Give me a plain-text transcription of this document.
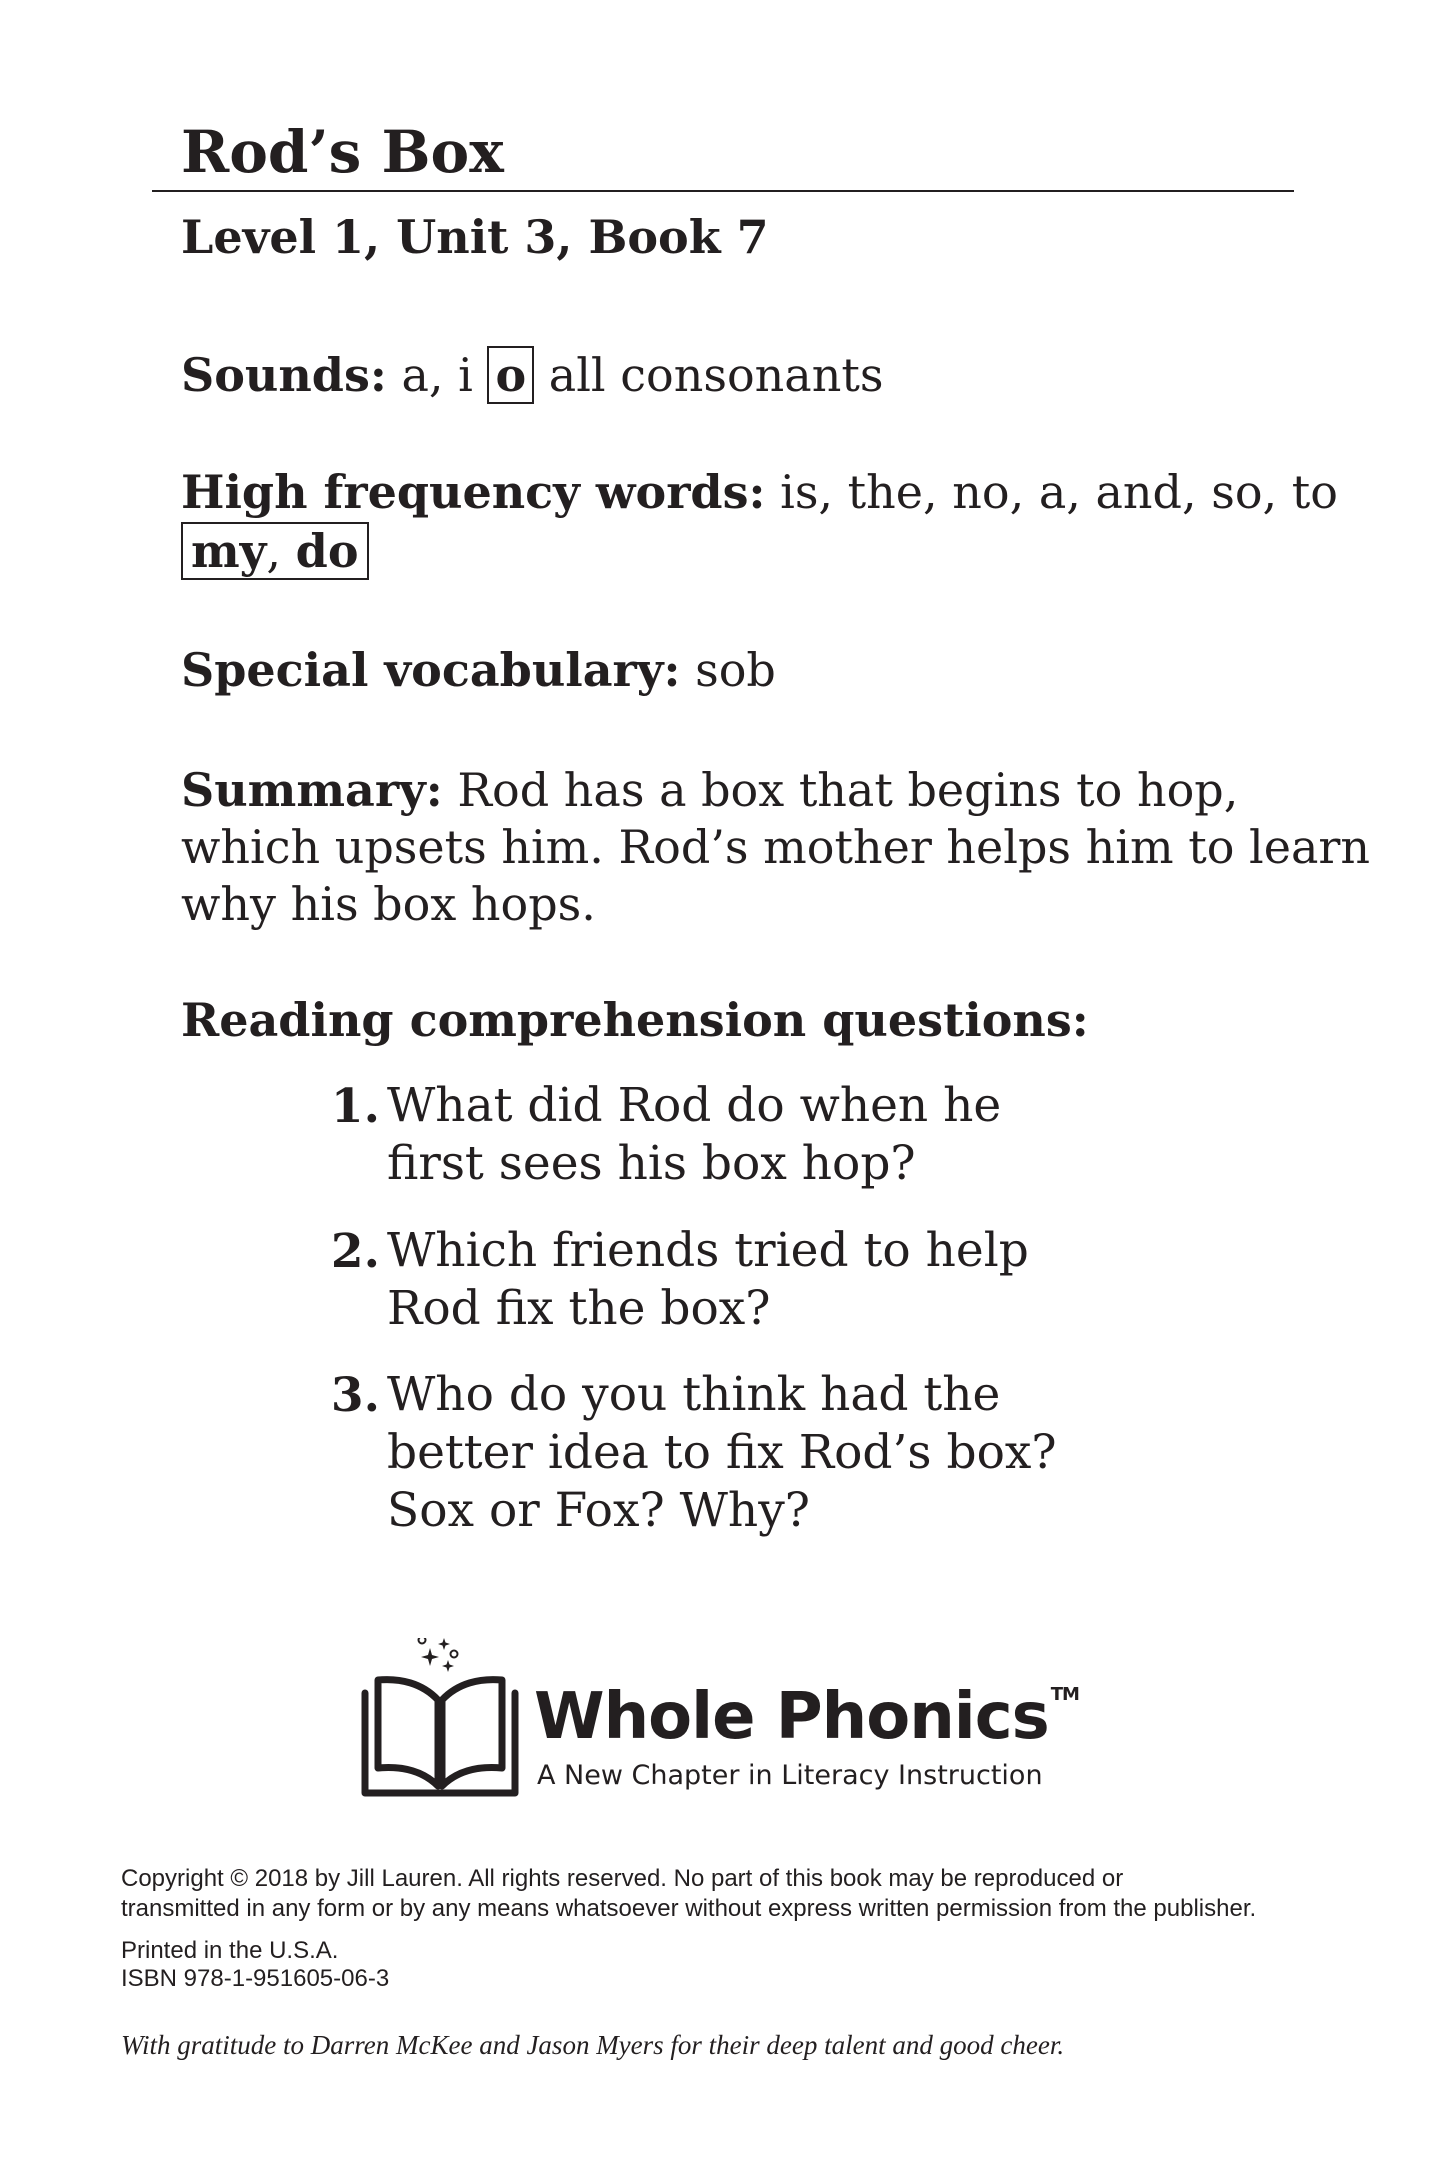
Rod’s Box
Level 1, Unit 3, Book 7
Sounds: a, i o all consonants
High frequency words: is, the, no, a, and, so, to
my, do
Special vocabulary: sob
Summary: Rod has a box that begins to hop,
which upsets him. Rod’s mother helps him to learn
why his box hops.
Reading comprehension questions:
1. What did Rod do when he
first sees his box hop?
2. Which friends tried to help
Rod fix the box?
3. Who do you think had the
better idea to fix Rod’s box?
Sox or Fox? Why?
Whole Phonics ™
A New Chapter in Literacy Instruction
Copyright © 2018 by Jill Lauren. All rights reserved. No part of this book may be reproduced or
transmitted in any form or by any means whatsoever without express written permission from the publisher.
Printed in the U.S.A.
ISBN 978-1-951605-06-3
With gratitude to Darren McKee and Jason Myers for their deep talent and good cheer.
